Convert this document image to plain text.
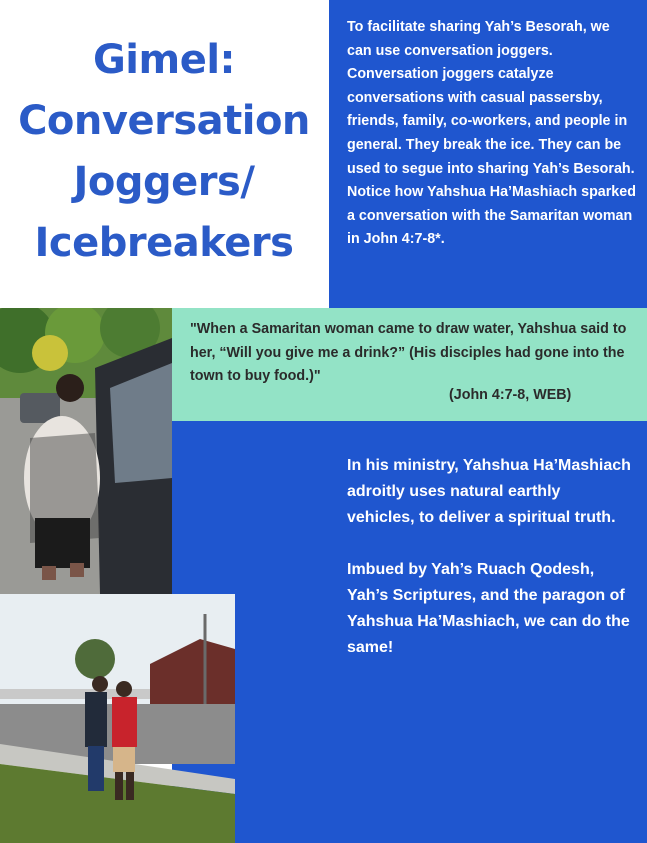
Gimel:
Conversation
Joggers/
Icebreakers
To facilitate sharing Yah’s Besorah, we can use conversation joggers. Conversation joggers catalyze conversations with casual passersby, friends, family, co-workers, and people in general. They break the ice. They can be used to segue into sharing Yah’s Besorah. Notice how Yahshua Ha’Mashiach sparked a conversation with the Samaritan woman in John 4:7-8*.
"When a Samaritan woman came to draw water, Yahshua said to her, “Will you give me a drink?” (His disciples had gone into the town to buy food.)"
(John 4:7-8, WEB)

In his ministry, Yahshua Ha’Mashiach adroitly uses natural earthly vehicles, to deliver a spiritual truth.

Imbued by Yah’s Ruach Qodesh, Yah’s Scriptures, and the paragon of Yahshua Ha’Mashiach, we can do the same!
